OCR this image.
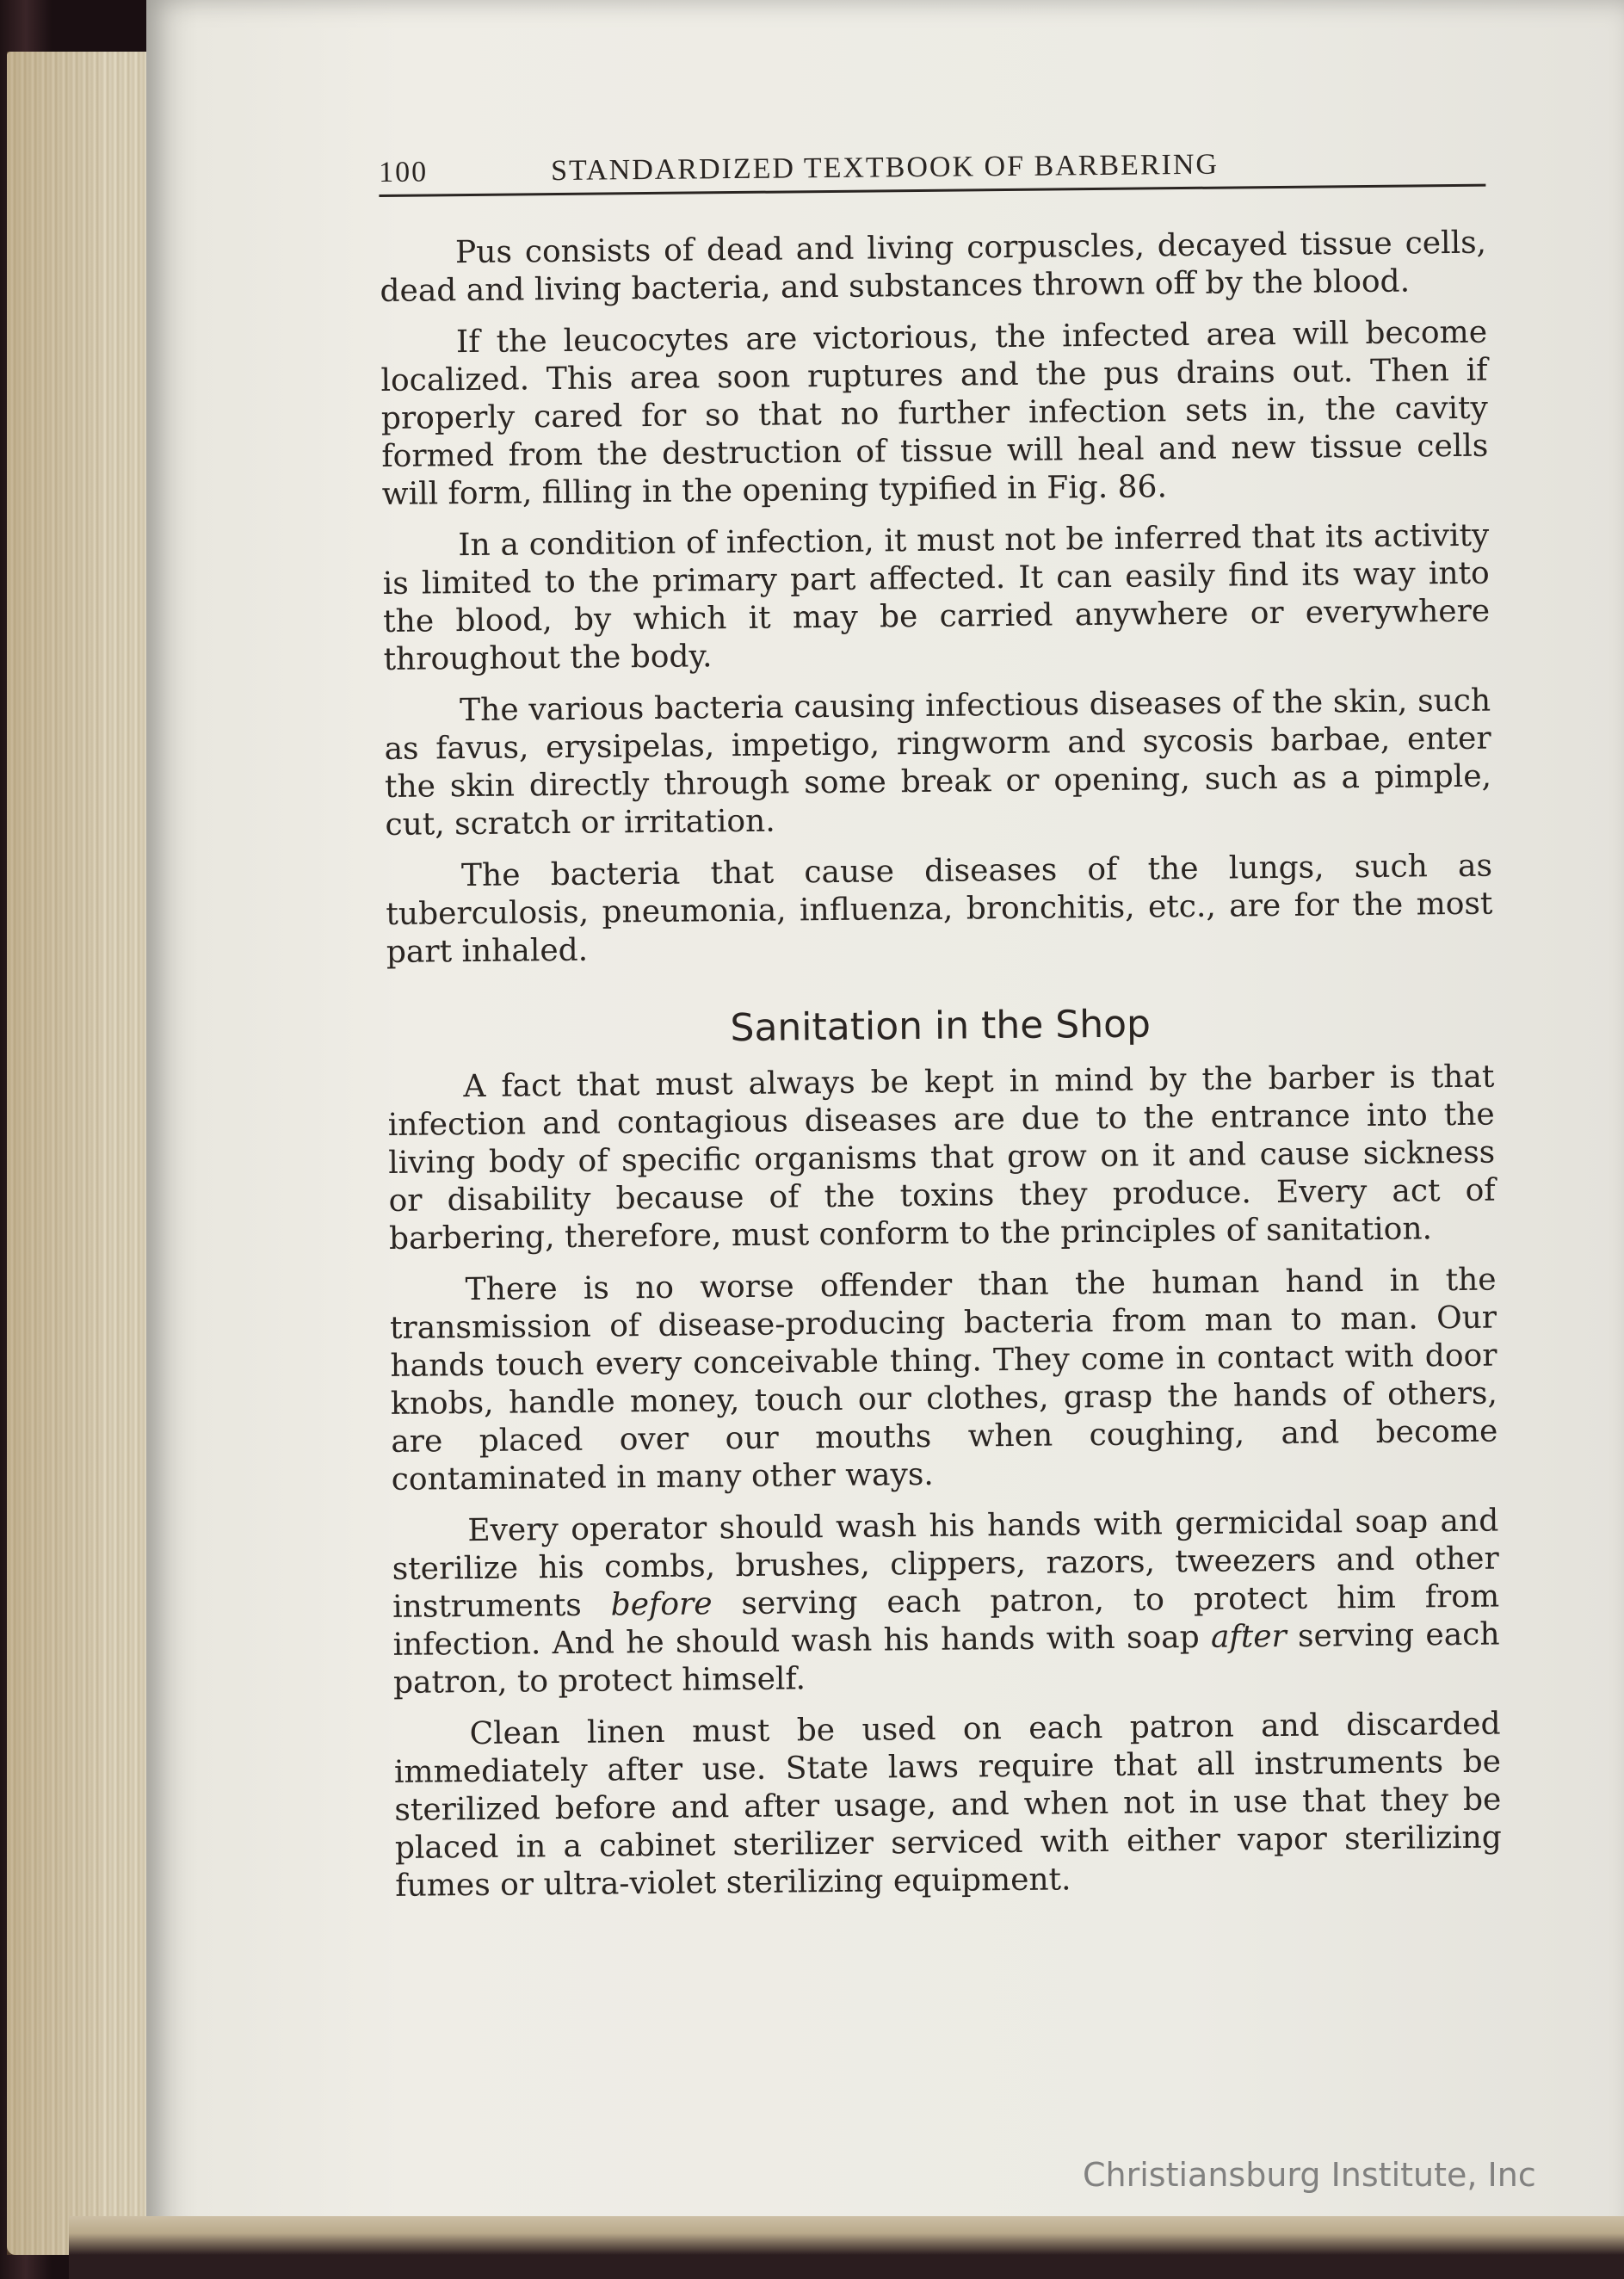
100	STANDARDIZED TEXTBOOK OF BARBERING

Pus consists of dead and living corpuscles, decayed tissue cells, dead and living bacteria, and substances thrown off by the blood.

If the leucocytes are victorious, the infected area will become localized. This area soon ruptures and the pus drains out. Then if properly cared for so that no further infection sets in, the cavity formed from the destruction of tissue will heal and new tissue cells will form, filling in the opening typified in Fig. 86.

In a condition of infection, it must not be inferred that its activity is limited to the primary part affected. It can easily find its way into the blood, by which it may be carried anywhere or everywhere throughout the body.

The various bacteria causing infectious diseases of the skin, such as favus, erysipelas, impetigo, ringworm and sycosis barbae, enter the skin directly through some break or opening, such as a pimple, cut, scratch or irritation.

The bacteria that cause diseases of the lungs, such as tuberculosis, pneumonia, influenza, bronchitis, etc., are for the most part inhaled.

Sanitation in the Shop

A fact that must always be kept in mind by the barber is that infection and contagious diseases are due to the entrance into the living body of specific organisms that grow on it and cause sickness or disability because of the toxins they produce. Every act of barbering, therefore, must conform to the principles of sanitation.

There is no worse offender than the human hand in the transmission of disease-producing bacteria from man to man. Our hands touch every conceivable thing. They come in contact with door knobs, handle money, touch our clothes, grasp the hands of others, are placed over our mouths when coughing, and become contaminated in many other ways.

Every operator should wash his hands with germicidal soap and sterilize his combs, brushes, clippers, razors, tweezers and other instruments before serving each patron, to protect him from infection. And he should wash his hands with soap after serving each patron, to protect himself.

Clean linen must be used on each patron and discarded immediately after use. State laws require that all instruments be sterilized before and after usage, and when not in use that they be placed in a cabinet sterilizer serviced with either vapor sterilizing fumes or ultra-violet sterilizing equipment.

Christiansburg Institute, Inc
